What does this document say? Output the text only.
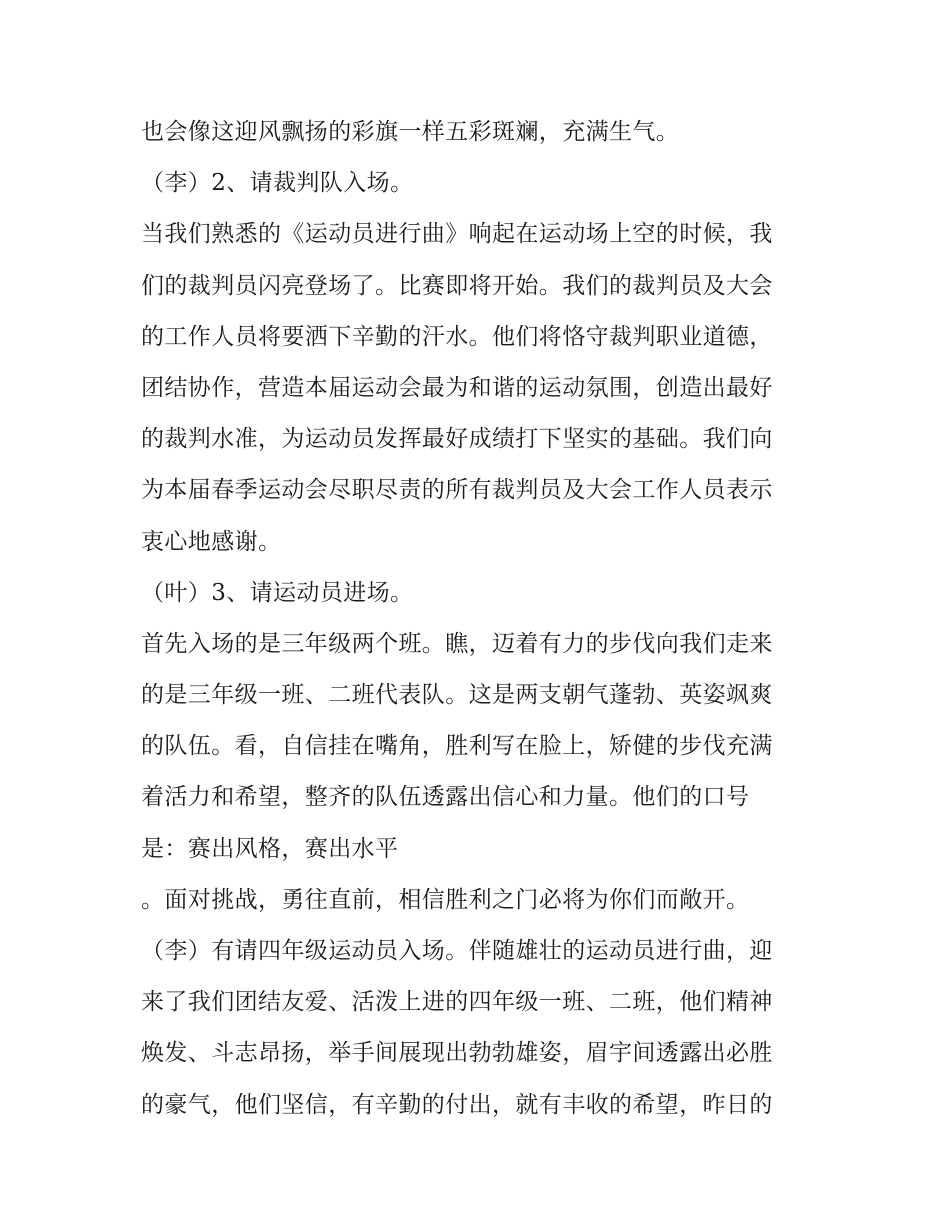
也会像这迎风飘扬的彩旗一样五彩斑斓，充满生气。
（李）2、请裁判队入场。
当我们熟悉的《运动员进行曲》响起在运动场上空的时候，我
们的裁判员闪亮登场了。比赛即将开始。我们的裁判员及大会
的工作人员将要洒下辛勤的汗水。他们将恪守裁判职业道德，
团结协作，营造本届运动会最为和谐的运动氛围，创造出最好
的裁判水准，为运动员发挥最好成绩打下坚实的基础。我们向
为本届春季运动会尽职尽责的所有裁判员及大会工作人员表示
衷心地感谢。
（叶）3、请运动员进场。
首先入场的是三年级两个班。瞧，迈着有力的步伐向我们走来
的是三年级一班、二班代表队。这是两支朝气蓬勃、英姿飒爽
的队伍。看，自信挂在嘴角，胜利写在脸上，矫健的步伐充满
着活力和希望，整齐的队伍透露出信心和力量。他们的口号
是：赛出风格，赛出水平
。面对挑战，勇往直前，相信胜利之门必将为你们而敞开。
（李）有请四年级运动员入场。伴随雄壮的运动员进行曲，迎
来了我们团结友爱、活泼上进的四年级一班、二班，他们精神
焕发、斗志昂扬，举手间展现出勃勃雄姿，眉宇间透露出必胜
的豪气，他们坚信，有辛勤的付出，就有丰收的希望，昨日的
